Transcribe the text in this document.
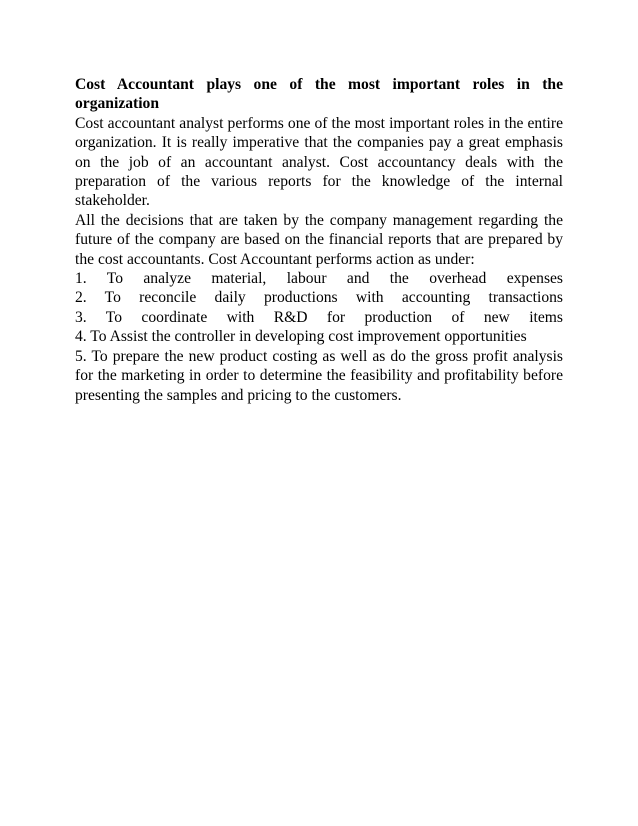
Cost Accountant plays one of the most important roles in the organization

Cost accountant analyst performs one of the most important roles in the entire organization. It is really imperative that the companies pay a great emphasis on the job of an accountant analyst. Cost accountancy deals with the preparation of the various reports for the knowledge of the internal stakeholder.

All the decisions that are taken by the company management regarding the future of the company are based on the financial reports that are prepared by the cost accountants. Cost Accountant performs action as under:

1. To analyze material, labour and the overhead expenses

2. To reconcile daily productions with accounting transactions

3. To coordinate with R&D for production of new items

4. To Assist the controller in developing cost improvement opportunities

5. To prepare the new product costing as well as do the gross profit analysis for the marketing in order to determine the feasibility and profitability before presenting the samples and pricing to the customers.
